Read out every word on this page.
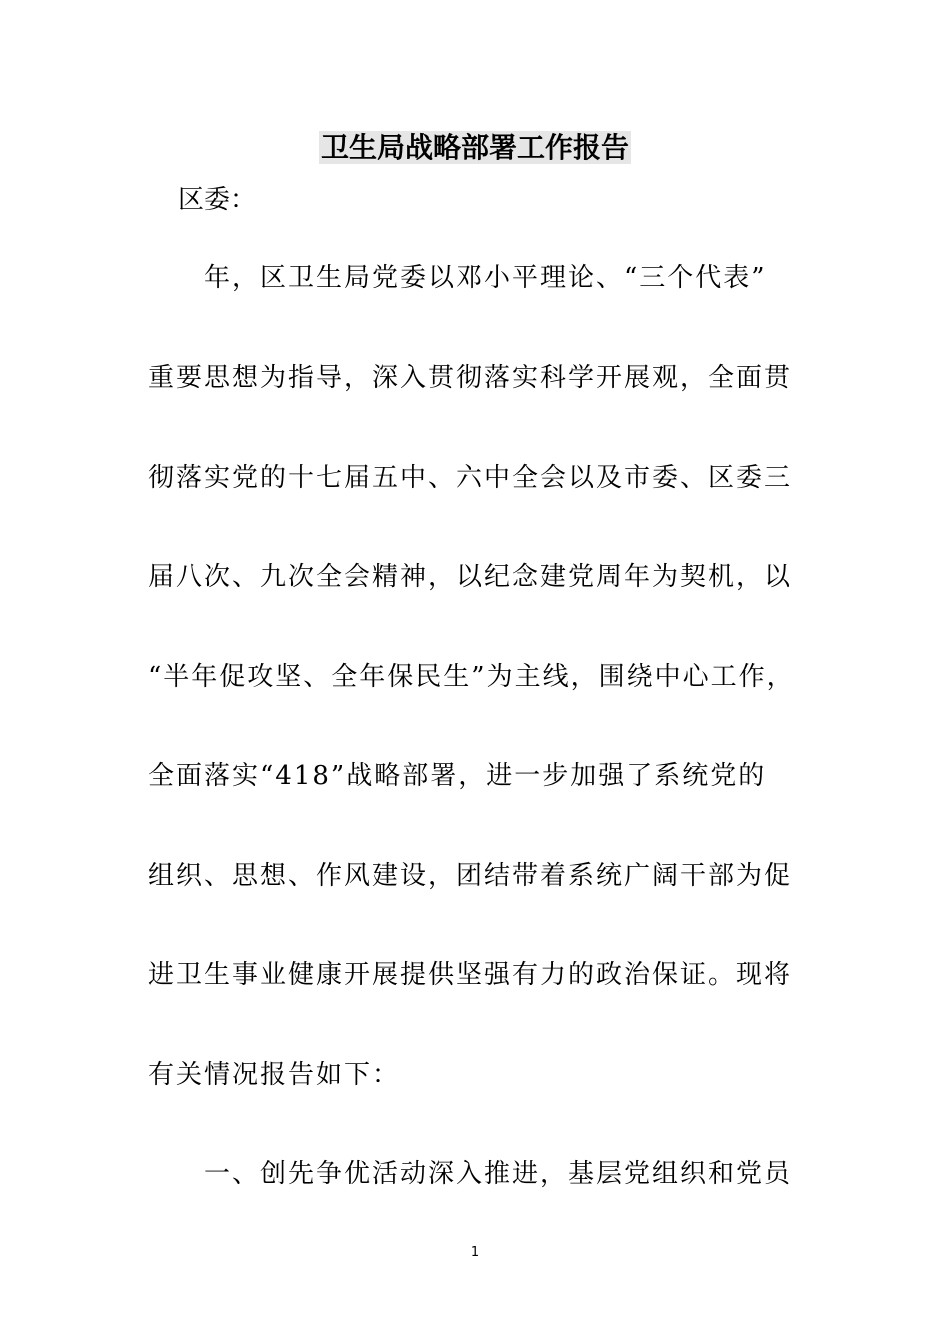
卫生局战略部署工作报告
区委：
年，区卫生局党委以邓小平理论、“三个代表”
重要思想为指导，深入贯彻落实科学开展观，全面贯
彻落实党的十七届五中、六中全会以及市委、区委三
届八次、九次全会精神，以纪念建党周年为契机，以
“半年促攻坚、全年保民生”为主线，围绕中心工作，
全面落实“418”战略部署，进一步加强了系统党的
组织、思想、作风建设，团结带着系统广阔干部为促
进卫生事业健康开展提供坚强有力的政治保证。现将
有关情况报告如下：
一、创先争优活动深入推进，基层党组织和党员
1
